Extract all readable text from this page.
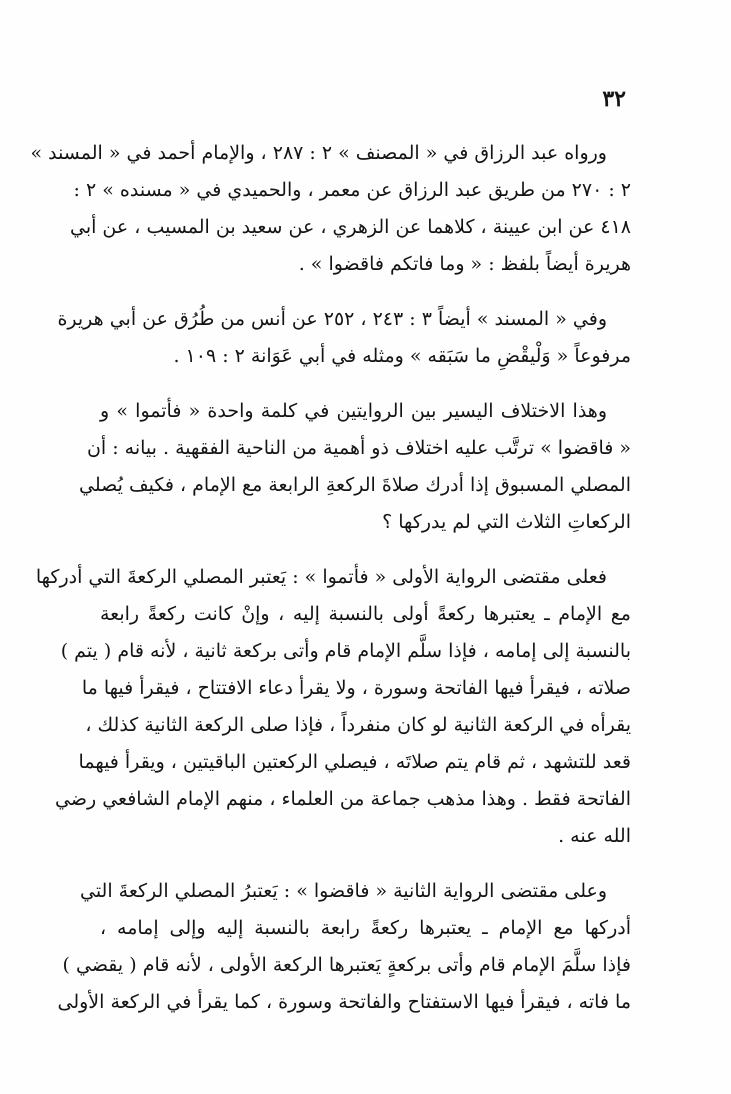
٣٢
ورواه عبد الرزاق في « المصنف » ٢ : ٢٨٧ ، والإمام أحمد في « المسند »
٢ : ٢٧٠ من طريق عبد الرزاق عن معمر ، والحميدي في « مسنده » ٢ :
٤١٨ عن ابن عيينة ، كلاهما عن الزهري ، عن سعيد بن المسيب ، عن أبي
هريرة أيضاً بلفظ : « وما فاتكم فاقضوا » .
وفي « المسند » أيضاً ٣ : ٢٤٣ ، ٢٥٢ عن أنس من طُرُق عن أبي هريرة
مرفوعاً « وَلْيقْضِ ما سَبَقه » ومثله في أبي عَوَانة ٢ : ١٠٩ .
وهذا الاختلاف اليسير بين الروايتين في كلمة واحدة « فأتموا » و
« فاقضوا » ترتَّب عليه اختلاف ذو أهمية من الناحية الفقهية . بيانه : أن
المصلي المسبوق إذا أدرك صلاةَ الركعةِ الرابعة مع الإمام ، فكيف يُصلي
الركعاتِ الثلاث التي لم يدركها ؟
فعلى مقتضى الرواية الأولى « فأتموا » : يَعتبر المصلي الركعةَ التي أدركها
مع الإمام ـ يعتبرها ركعةً أولى بالنسبة إليه ، وإنْ كانت ركعةً رابعة
بالنسبة إلى إمامه ، فإذا سلَّم الإمام قام وأتى بركعة ثانية ، لأنه قام ( يتم )
صلاته ، فيقرأ فيها الفاتحة وسورة ، ولا يقرأ دعاء الافتتاح ، فيقرأ فيها ما
يقرأه في الركعة الثانية لو كان منفرداً ، فإذا صلى الركعة الثانية كذلك ،
قعد للتشهد ، ثم قام يتم صلاتَه ، فيصلي الركعتين الباقيتين ، ويقرأ فيهما
الفاتحة فقط . وهذا مذهب جماعة من العلماء ، منهم الإمام الشافعي رضي
الله عنه .
وعلى مقتضى الرواية الثانية « فاقضوا » : يَعتبرُ المصلي الركعةَ التي
أدركها مع الإمام ـ يعتبرها ركعةً رابعة بالنسبة إليه وإلى إمامه ،
فإذا سلَّمَ الإمام قام وأتى بركعةٍ يَعتبرها الركعة الأولى ، لأنه قام ( يقضي )
ما فاته ، فيقرأ فيها الاستفتاح والفاتحة وسورة ، كما يقرأ في الركعة الأولى
